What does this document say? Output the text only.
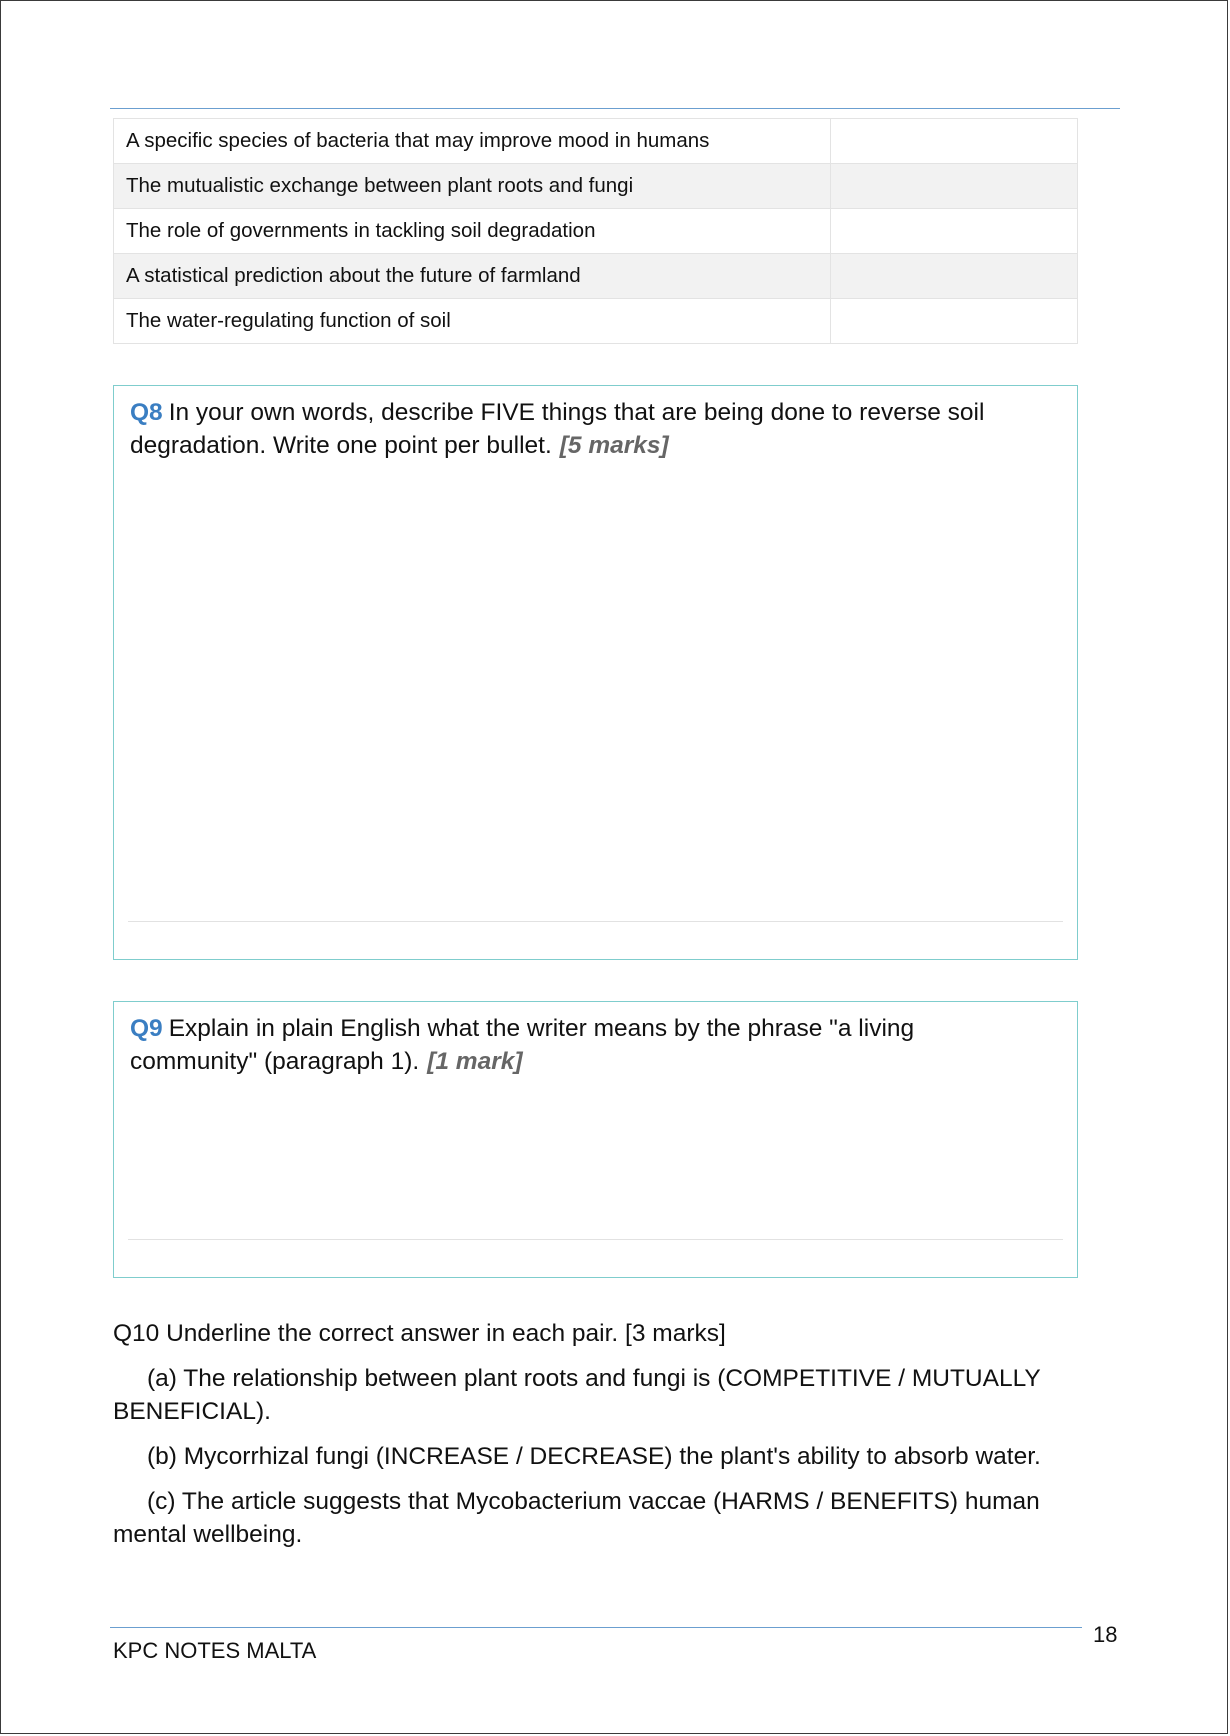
A specific species of bacteria that may improve mood in humans	
The mutualistic exchange between plant roots and fungi	
The role of governments in tackling soil degradation	
A statistical prediction about the future of farmland	
The water-regulating function of soil	
Q8 In your own words, describe FIVE things that are being done to reverse soil degradation. Write one point per bullet. [5 marks]
Q9 Explain in plain English what the writer means by the phrase "a living community" (paragraph 1). [1 mark]

Q10 Underline the correct answer in each pair. [3 marks]

(a) The relationship between plant roots and fungi is (COMPETITIVE / MUTUALLY BENEFICIAL).

(b) Mycorrhizal fungi (INCREASE / DECREASE) the plant's ability to absorb water.

(c) The article suggests that Mycobacterium vaccae (HARMS / BENEFITS) human mental wellbeing.

KPC NOTES MALTA
18
